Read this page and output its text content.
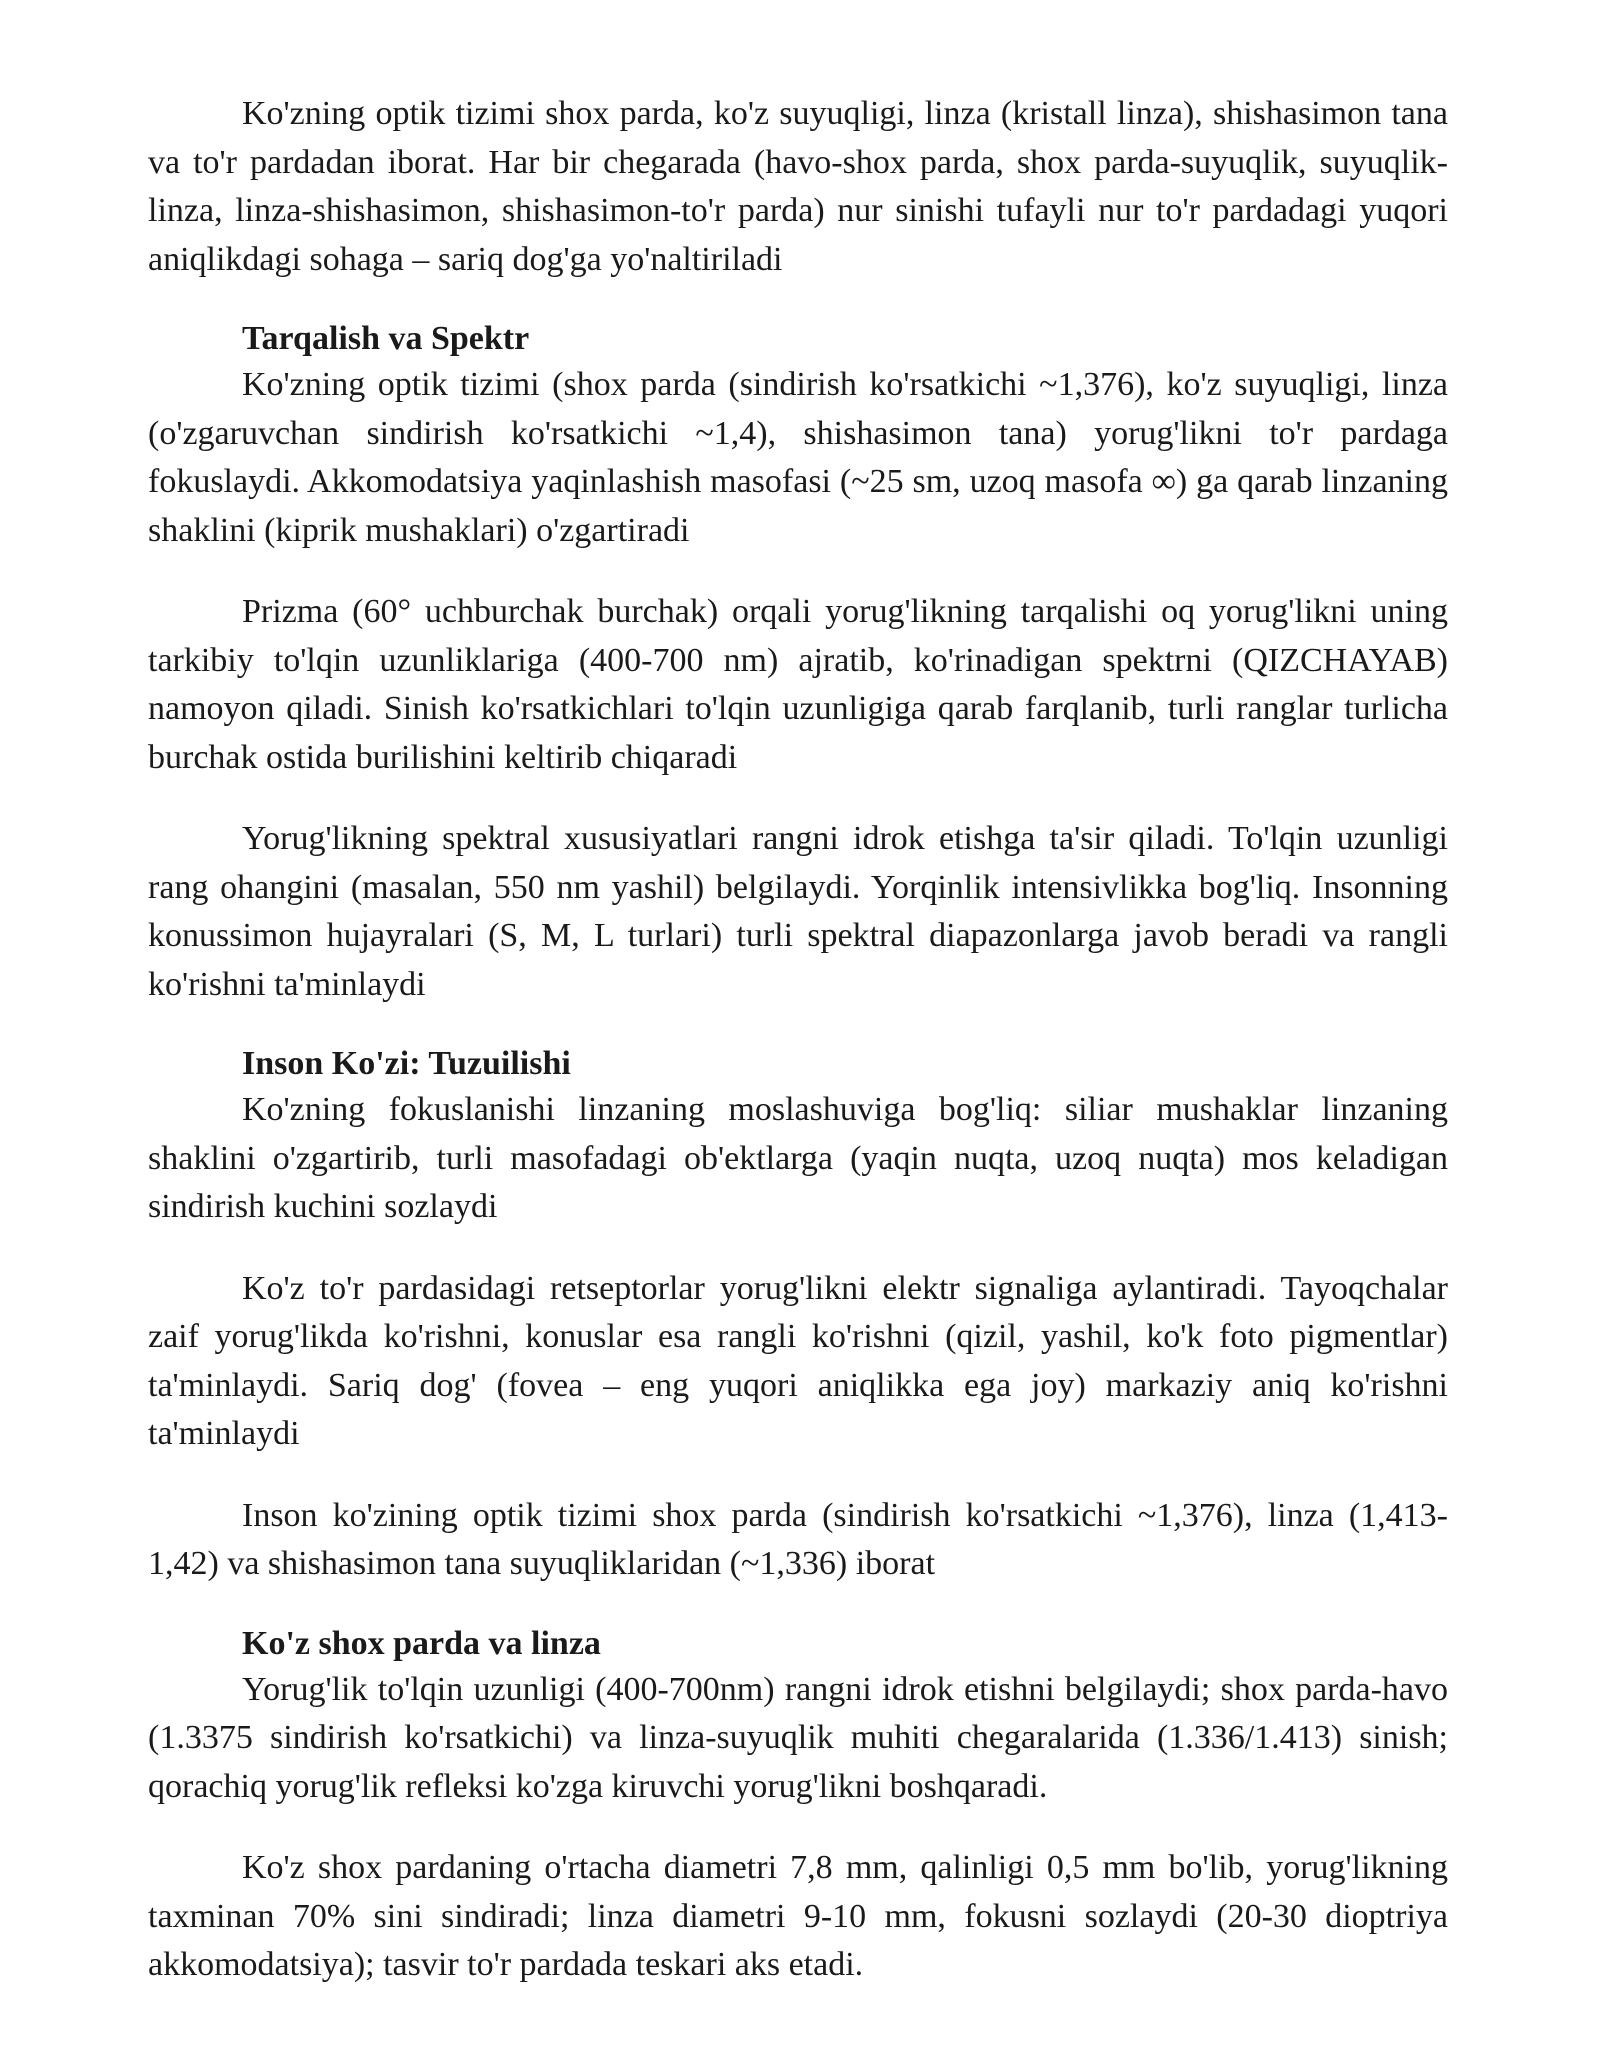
Ko'zning optik tizimi shox parda, ko'z suyuqligi, linza (kristall linza), shishasimon tana va to'r pardadan iborat. Har bir chegarada (havo-shox parda, shox parda-suyuqlik, suyuqlik-linza, linza-shishasimon, shishasimon-to'r parda) nur sinishi tufayli nur to'r pardadagi yuqori aniqlikdagi sohaga – sariq dog'ga yo'naltiriladi

Tarqalish va Spektr

Ko'zning optik tizimi (shox parda (sindirish ko'rsatkichi ~1,376), ko'z suyuqligi, linza (o'zgaruvchan sindirish ko'rsatkichi ~1,4), shishasimon tana) yorug'likni to'r pardaga fokuslaydi. Akkomodatsiya yaqinlashish masofasi (~25 sm, uzoq masofa ∞) ga qarab linzaning shaklini (kiprik mushaklari) o'zgartiradi

Prizma (60° uchburchak burchak) orqali yorug'likning tarqalishi oq yorug'likni uning tarkibiy to'lqin uzunliklariga (400-700 nm) ajratib, ko'rinadigan spektrni (QIZCHAYAB) namoyon qiladi. Sinish ko'rsatkichlari to'lqin uzunligiga qarab farqlanib, turli ranglar turlicha burchak ostida burilishini keltirib chiqaradi

Yorug'likning spektral xususiyatlari rangni idrok etishga ta'sir qiladi. To'lqin uzunligi rang ohangini (masalan, 550 nm yashil) belgilaydi. Yorqinlik intensivlikka bog'liq. Insonning konussimon hujayralari (S, M, L turlari) turli spektral diapazonlarga javob beradi va rangli ko'rishni ta'minlaydi

Inson Ko'zi: Tuzuilishi

Ko'zning fokuslanishi linzaning moslashuviga bog'liq: siliar mushaklar linzaning shaklini o'zgartirib, turli masofadagi ob'ektlarga (yaqin nuqta, uzoq nuqta) mos keladigan sindirish kuchini sozlaydi

Ko'z to'r pardasidagi retseptorlar yorug'likni elektr signaliga aylantiradi. Tayoqchalar zaif yorug'likda ko'rishni, konuslar esa rangli ko'rishni (qizil, yashil, ko'k foto pigmentlar) ta'minlaydi. Sariq dog' (fovea – eng yuqori aniqlikka ega joy) markaziy aniq ko'rishni ta'minlaydi

Inson ko'zining optik tizimi shox parda (sindirish ko'rsatkichi ~1,376), linza (1,413-1,42) va shishasimon tana suyuqliklaridan (~1,336) iborat

Ko'z shox parda va linza

Yorug'lik to'lqin uzunligi (400-700nm) rangni idrok etishni belgilaydi; shox parda-havo (1.3375 sindirish ko'rsatkichi) va linza-suyuqlik muhiti chegaralarida (1.336/1.413) sinish; qorachiq yorug'lik refleksi ko'zga kiruvchi yorug'likni boshqaradi.

Ko'z shox pardaning o'rtacha diametri 7,8 mm, qalinligi 0,5 mm bo'lib, yorug'likning taxminan 70% sini sindiradi; linza diametri 9-10 mm, fokusni sozlaydi (20-30 dioptriya akkomodatsiya); tasvir to'r pardada teskari aks etadi.
